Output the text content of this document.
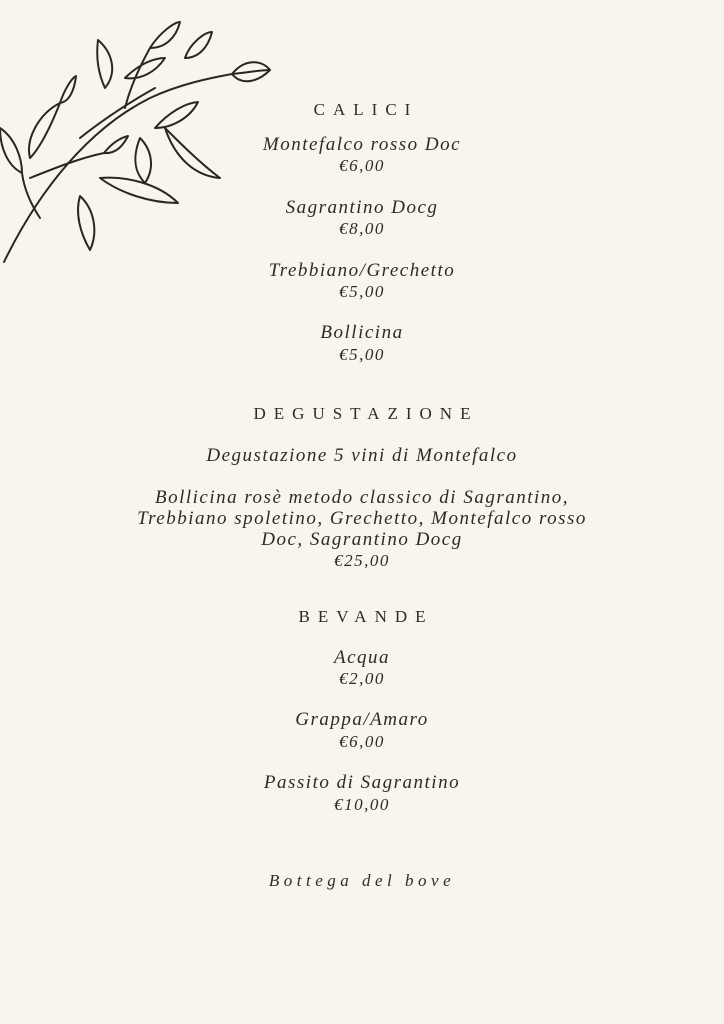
CALICI
Montefalco rosso Doc
€6,00
Sagrantino Docg
€8,00
Trebbiano/Grechetto
€5,00
Bollicina
€5,00
DEGUSTAZIONE
Degustazione 5 vini di Montefalco
Bollicina rosè metodo classico di Sagrantino,
Trebbiano spoletino, Grechetto, Montefalco rosso
Doc, Sagrantino Docg
€25,00
BEVANDE
Acqua
€2,00
Grappa/Amaro
€6,00
Passito di Sagrantino
€10,00
Bottega del bove
